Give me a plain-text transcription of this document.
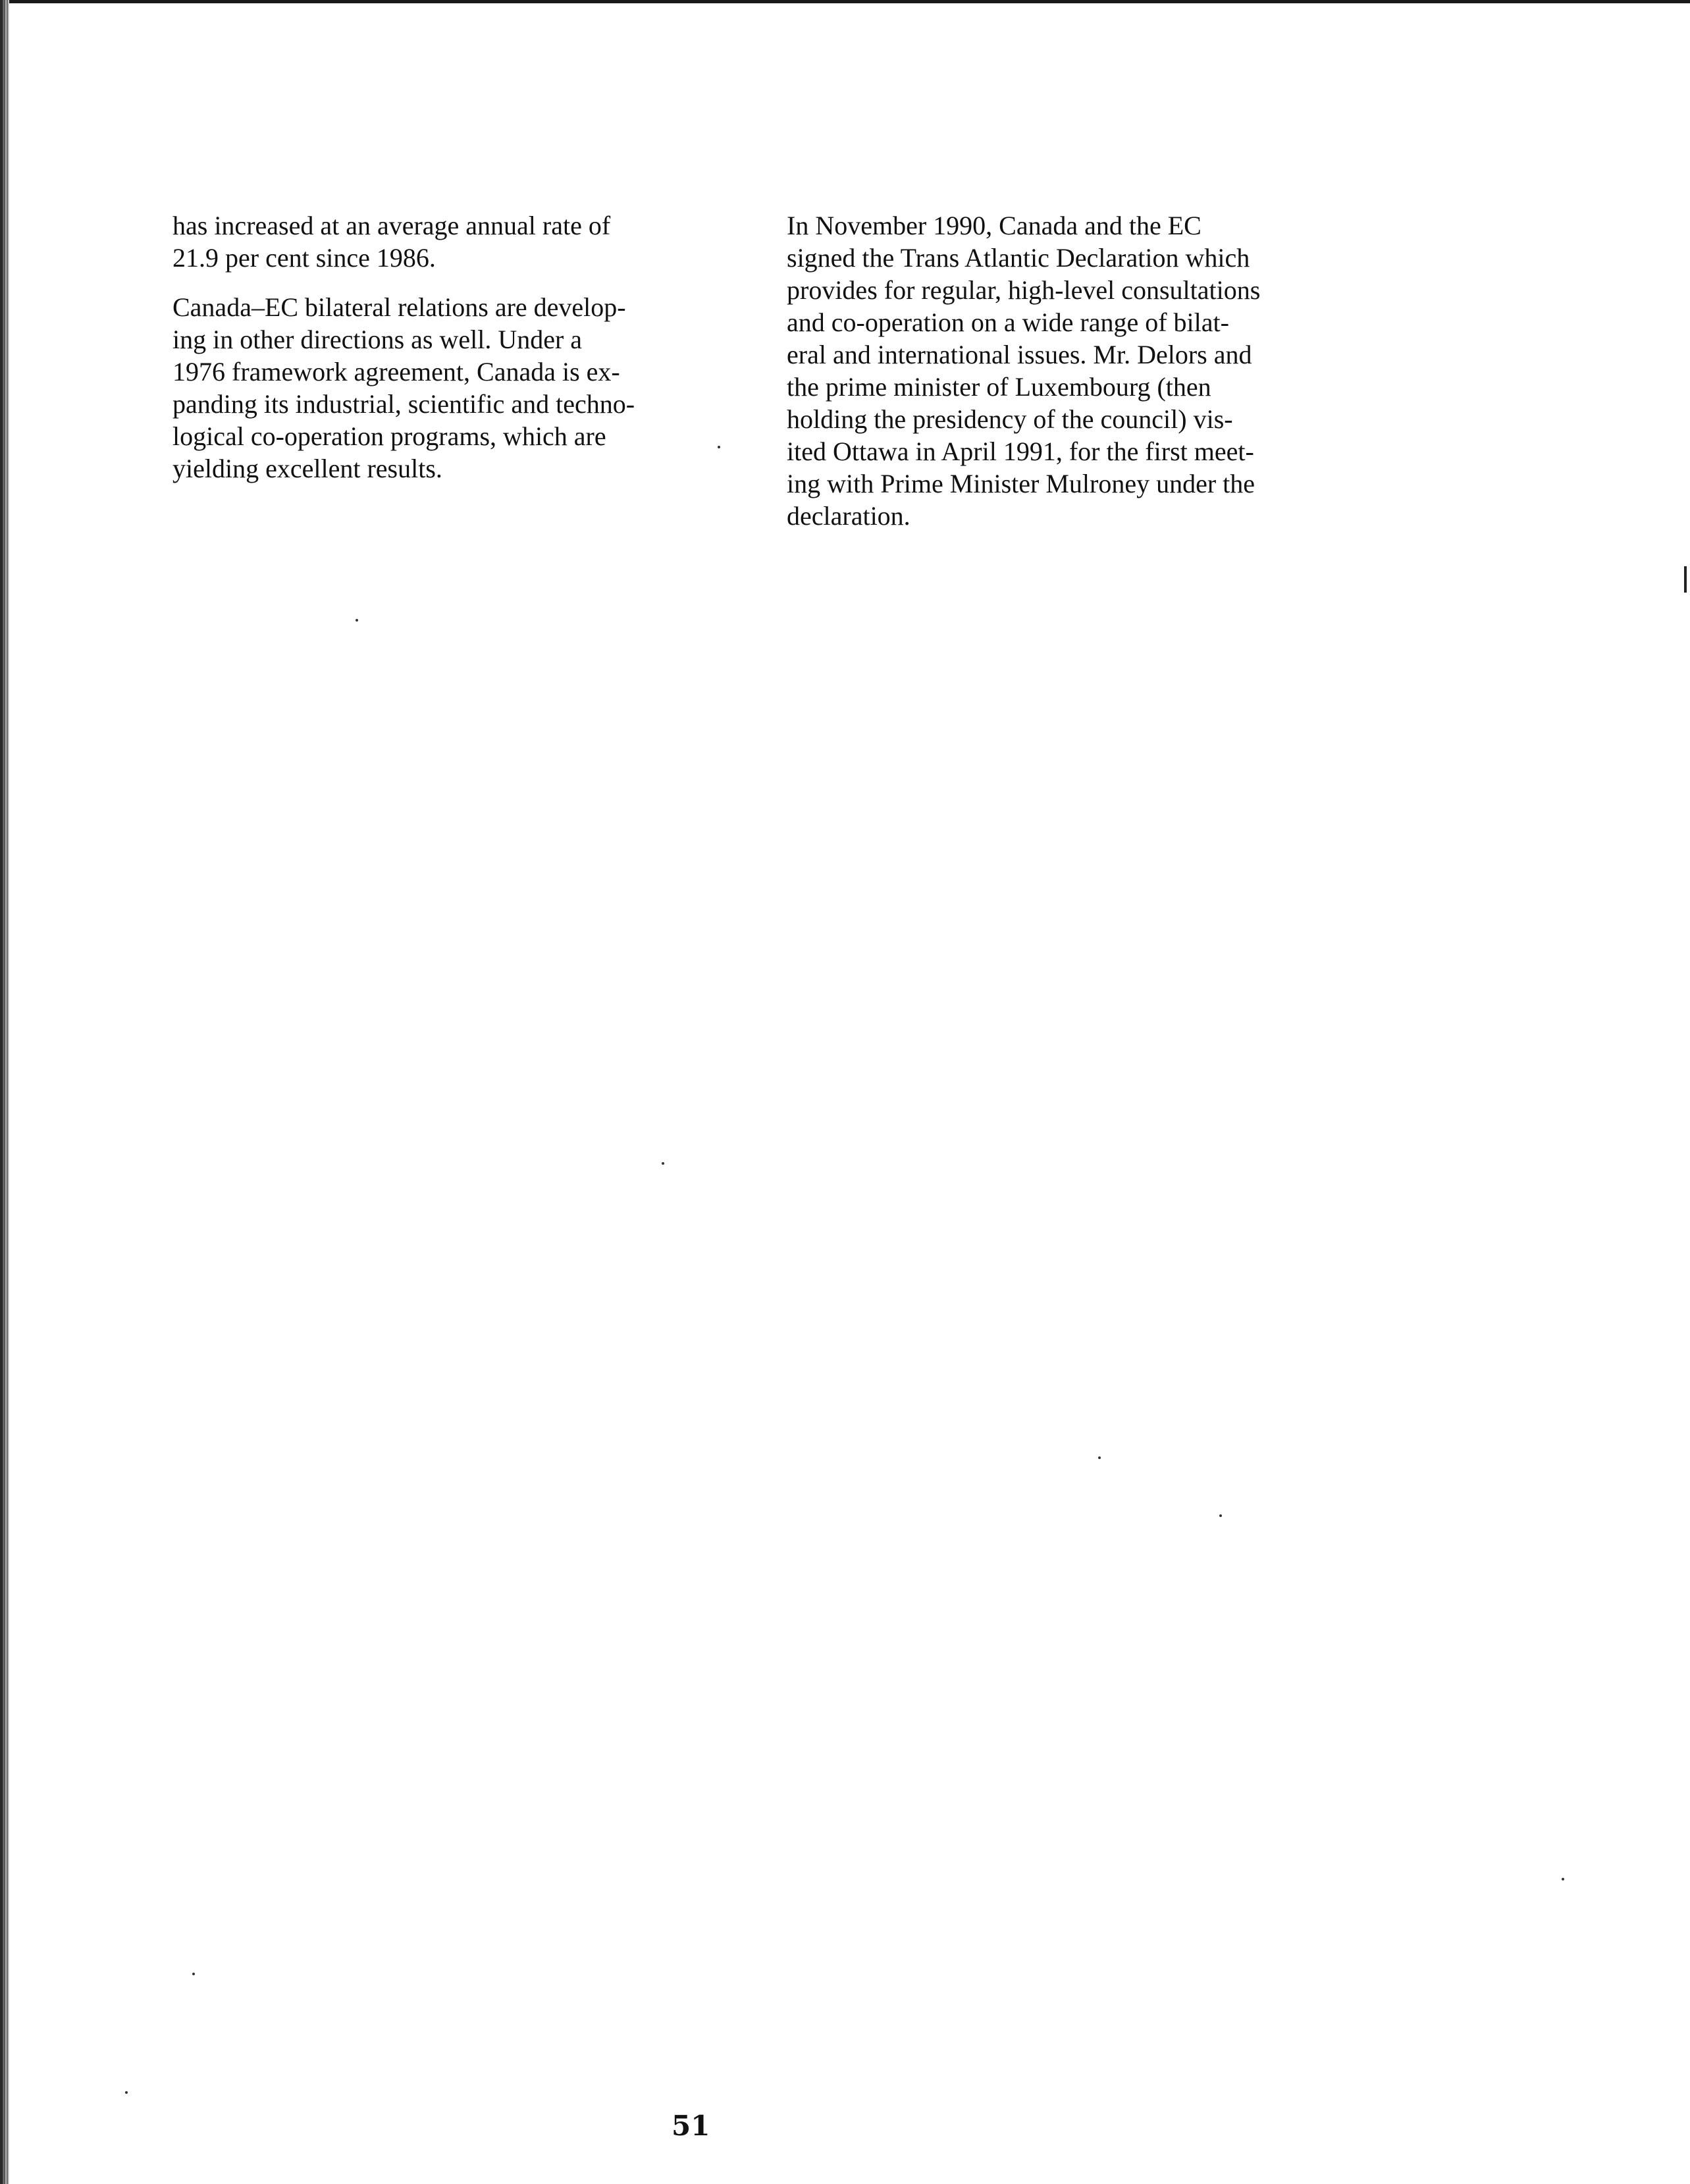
has increased at an average annual rate of
21.9 per cent since 1986.

Canada–EC bilateral relations are develop-
ing in other directions as well. Under a
1976 framework agreement, Canada is ex-
panding its industrial, scientific and techno-
logical co-operation programs, which are
yielding excellent results.

In November 1990, Canada and the EC
signed the Trans Atlantic Declaration which
provides for regular, high-level consultations
and co-operation on a wide range of bilat-
eral and international issues. Mr. Delors and
the prime minister of Luxembourg (then
holding the presidency of the council) vis-
ited Ottawa in April 1991, for the first meet-
ing with Prime Minister Mulroney under the
declaration.

51
